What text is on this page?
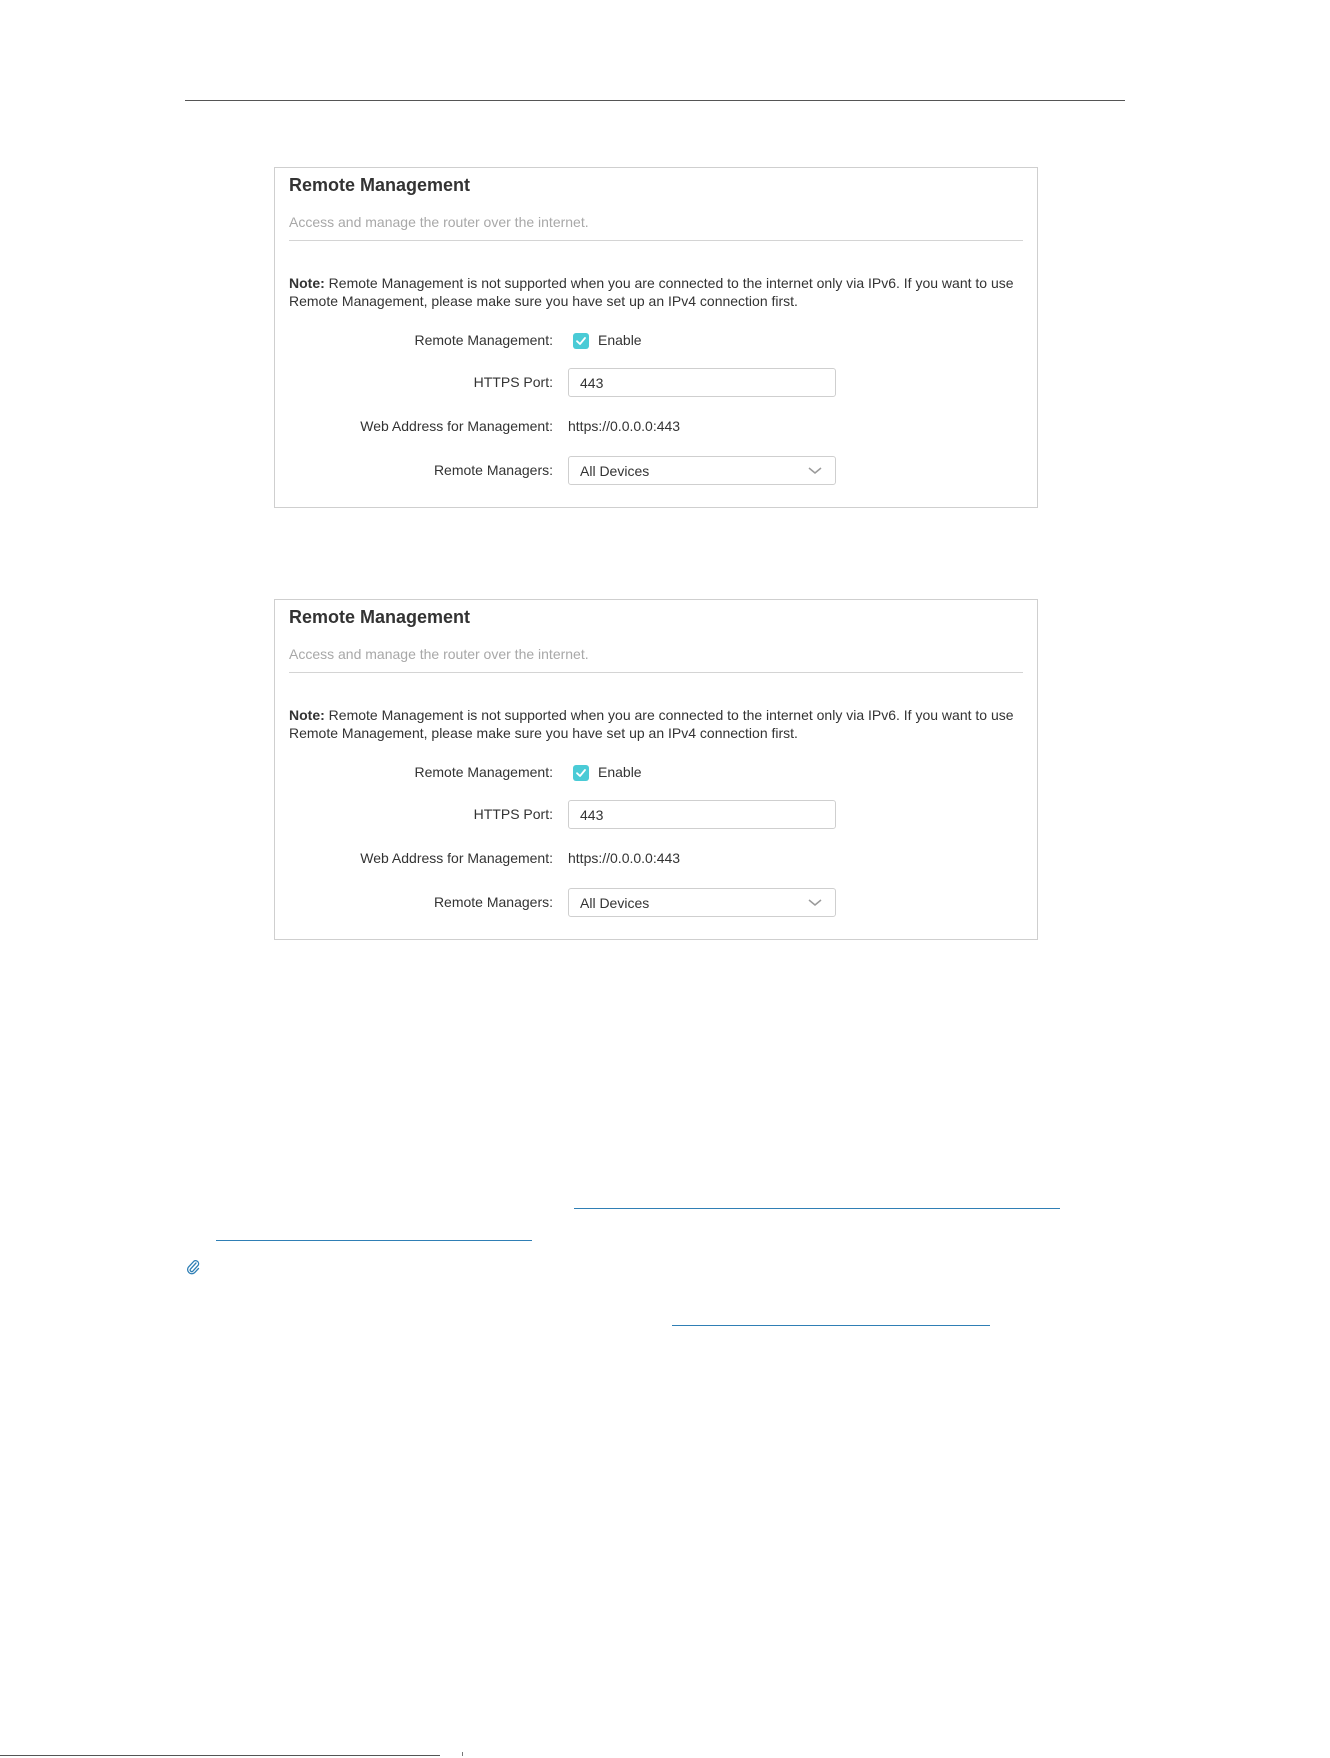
Remote Management
Access and manage the router over the internet.
Note: Remote Management is not supported when you are connected to the internet only via IPv6. If you want to use Remote Management, please make sure you have set up an IPv4 connection first.
Remote Management:	Enable
HTTPS Port: 443
Web Address for Management: https://0.0.0.0:443
Remote Managers: All Devices
Remote Management
Access and manage the router over the internet.
Note: Remote Management is not supported when you are connected to the internet only via IPv6. If you want to use Remote Management, please make sure you have set up an IPv4 connection first.
Remote Management:	Enable
HTTPS Port: 443
Web Address for Management: https://0.0.0.0:443
Remote Managers: All Devices
